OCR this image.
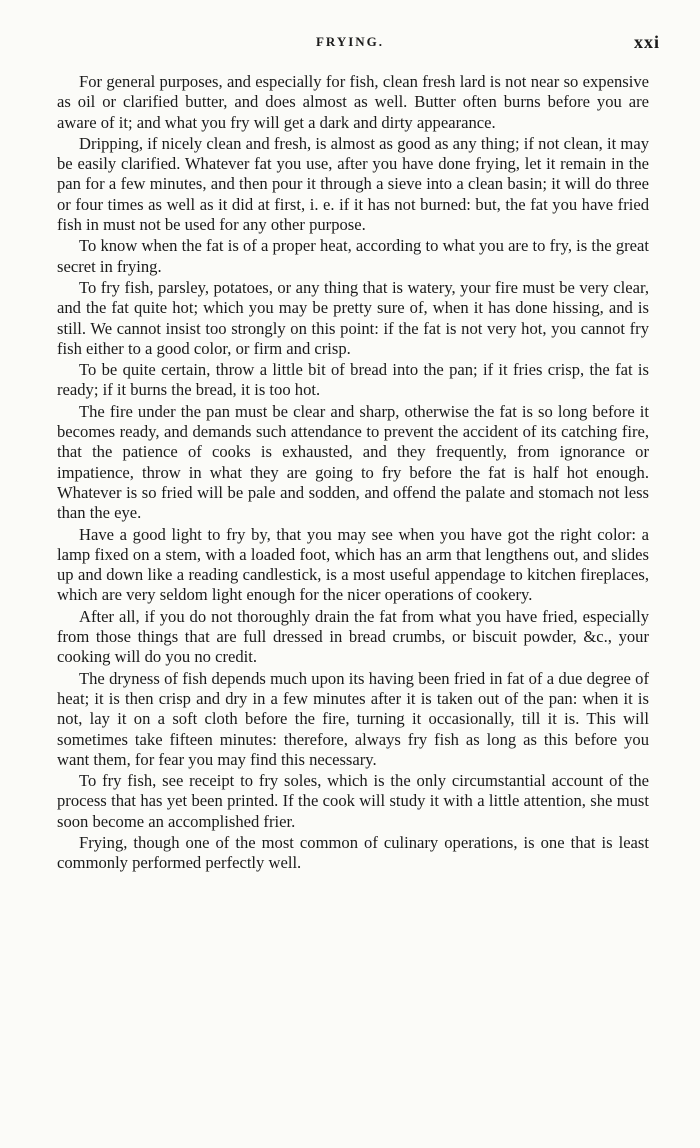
FRYING.	xxi

For general purposes, and especially for fish, clean fresh lard is not near so expensive as oil or clarified butter, and does almost as well. Butter often burns before you are aware of it; and what you fry will get a dark and dirty appearance.

Dripping, if nicely clean and fresh, is almost as good as any thing; if not clean, it may be easily clarified. Whatever fat you use, after you have done frying, let it remain in the pan for a few minutes, and then pour it through a sieve into a clean basin; it will do three or four times as well as it did at first, i. e. if it has not burned: but, the fat you have fried fish in must not be used for any other purpose.

To know when the fat is of a proper heat, according to what you are to fry, is the great secret in frying.

To fry fish, parsley, potatoes, or any thing that is watery, your fire must be very clear, and the fat quite hot; which you may be pretty sure of, when it has done hissing, and is still. We cannot insist too strongly on this point: if the fat is not very hot, you cannot fry fish either to a good color, or firm and crisp.

To be quite certain, throw a little bit of bread into the pan; if it fries crisp, the fat is ready; if it burns the bread, it is too hot.

The fire under the pan must be clear and sharp, otherwise the fat is so long before it becomes ready, and demands such attendance to prevent the accident of its catching fire, that the patience of cooks is exhausted, and they frequently, from ignorance or impatience, throw in what they are going to fry before the fat is half hot enough. Whatever is so fried will be pale and sodden, and offend the palate and stomach not less than the eye.

Have a good light to fry by, that you may see when you have got the right color: a lamp fixed on a stem, with a loaded foot, which has an arm that lengthens out, and slides up and down like a reading candlestick, is a most useful appendage to kitchen fireplaces, which are very seldom light enough for the nicer operations of cookery.

After all, if you do not thoroughly drain the fat from what you have fried, especially from those things that are full dressed in bread crumbs, or biscuit powder, &c., your cooking will do you no credit.

The dryness of fish depends much upon its having been fried in fat of a due degree of heat; it is then crisp and dry in a few minutes after it is taken out of the pan: when it is not, lay it on a soft cloth before the fire, turning it occasionally, till it is. This will sometimes take fifteen minutes: therefore, always fry fish as long as this before you want them, for fear you may find this necessary.

To fry fish, see receipt to fry soles, which is the only circumstantial account of the process that has yet been printed. If the cook will study it with a little attention, she must soon become an accomplished frier.

Frying, though one of the most common of culinary operations, is one that is least commonly performed perfectly well.
